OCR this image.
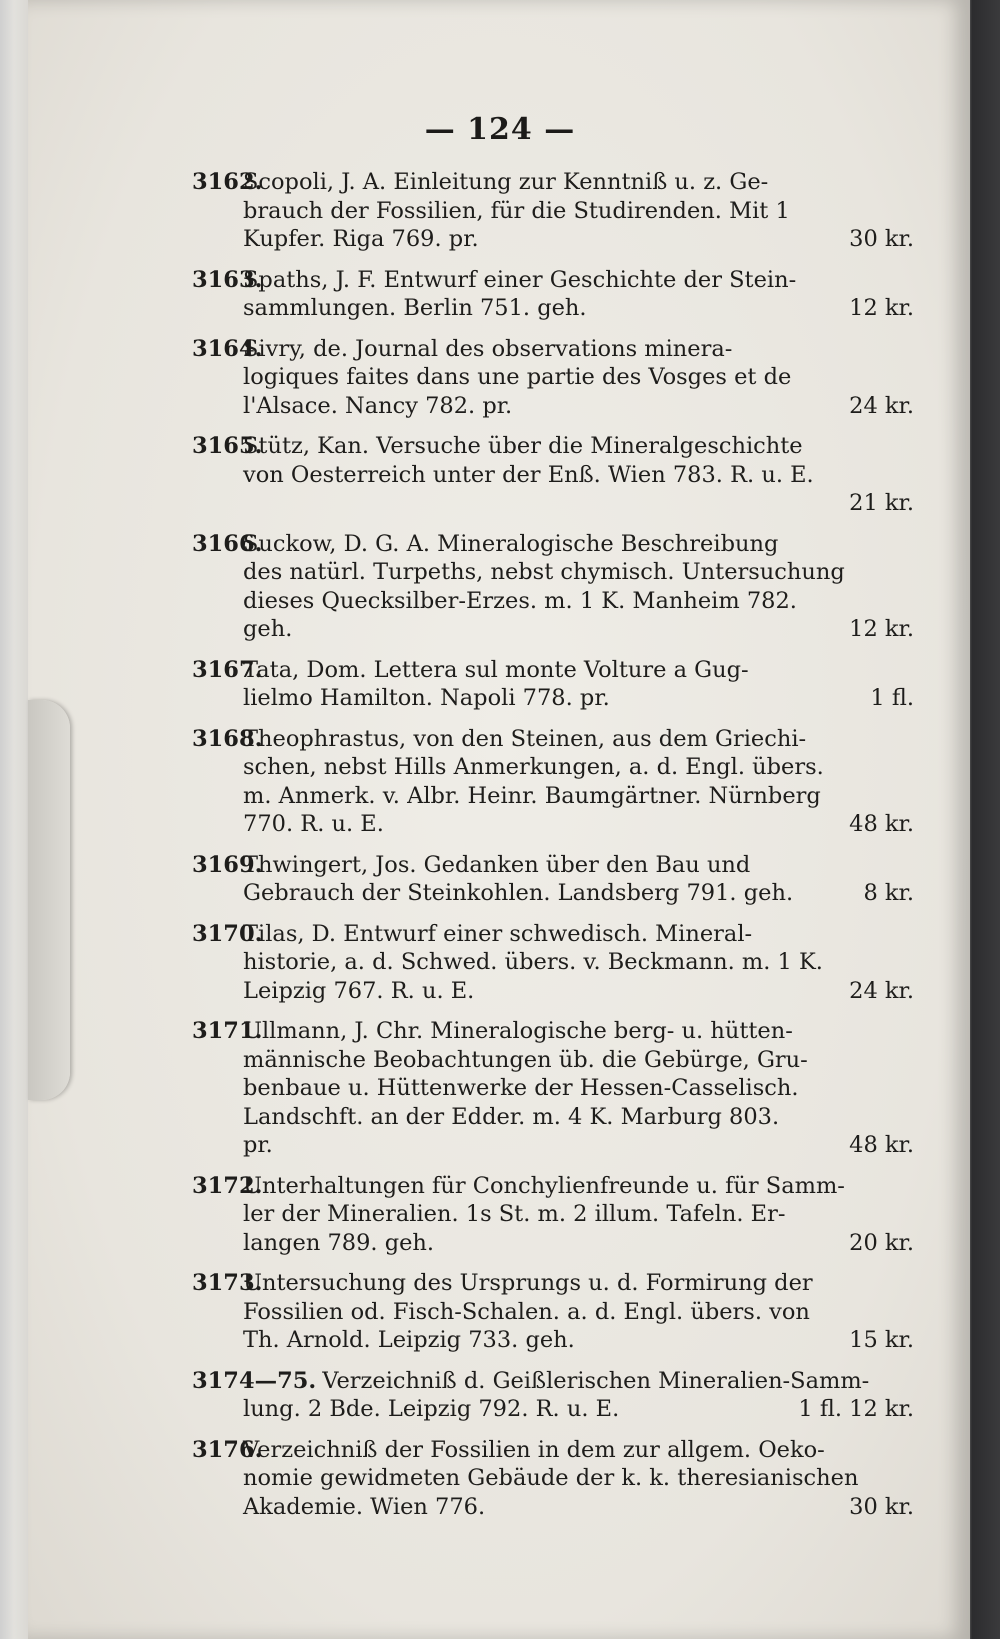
— 124 —
3162.Scopoli, J. A. Einleitung zur Kenntniß u. z. Ge-
brauch der Fossilien, für die Studirenden. Mit 1
Kupfer. Riga 769. pr.	30 kr.
3163.Spaths, J. F. Entwurf einer Geschichte der Stein-
sammlungen. Berlin 751. geh.	12 kr.
3164.Sivry, de. Journal des observations minera-
logiques faites dans une partie des Vosges et de
l'Alsace. Nancy 782. pr.	24 kr.
3165.Stütz, Kan. Versuche über die Mineralgeschichte
von Oesterreich unter der Enß. Wien 783. R. u. E.
21 kr.
3166.Suckow, D. G. A. Mineralogische Beschreibung
des natürl. Turpeths, nebst chymisch. Untersuchung
dieses Quecksilber-Erzes. m. 1 K. Manheim 782.
geh.	12 kr.
3167.Tata, Dom. Lettera sul monte Volture a Gug-
lielmo Hamilton. Napoli 778. pr.	1 fl.
3168.Theophrastus, von den Steinen, aus dem Griechi-
schen, nebst Hills Anmerkungen, a. d. Engl. übers.
m. Anmerk. v. Albr. Heinr. Baumgärtner. Nürnberg
770. R. u. E.	48 kr.
3169.Thwingert, Jos. Gedanken über den Bau und
Gebrauch der Steinkohlen. Landsberg 791. geh.	8 kr.
3170.Tilas, D. Entwurf einer schwedisch. Mineral-
historie, a. d. Schwed. übers. v. Beckmann. m. 1 K.
Leipzig 767. R. u. E.	24 kr.
3171.Ullmann, J. Chr. Mineralogische berg- u. hütten-
männische Beobachtungen üb. die Gebürge, Gru-
benbaue u. Hüttenwerke der Hessen-Casselisch.
Landschft. an der Edder. m. 4 K. Marburg 803.
pr.	48 kr.
3172.Unterhaltungen für Conchylienfreunde u. für Samm-
ler der Mineralien. 1s St. m. 2 illum. Tafeln. Er-
langen 789. geh.	20 kr.
3173.Untersuchung des Ursprungs u. d. Formirung der
Fossilien od. Fisch-Schalen. a. d. Engl. übers. von
Th. Arnold. Leipzig 733. geh.	15 kr.
3174—75. Verzeichniß d. Geißlerischen Mineralien-Samm-
lung. 2 Bde. Leipzig 792. R. u. E.	1 fl. 12 kr.
3176.Verzeichniß der Fossilien in dem zur allgem. Oeko-
nomie gewidmeten Gebäude der k. k. theresianischen
Akademie. Wien 776.	30 kr.
